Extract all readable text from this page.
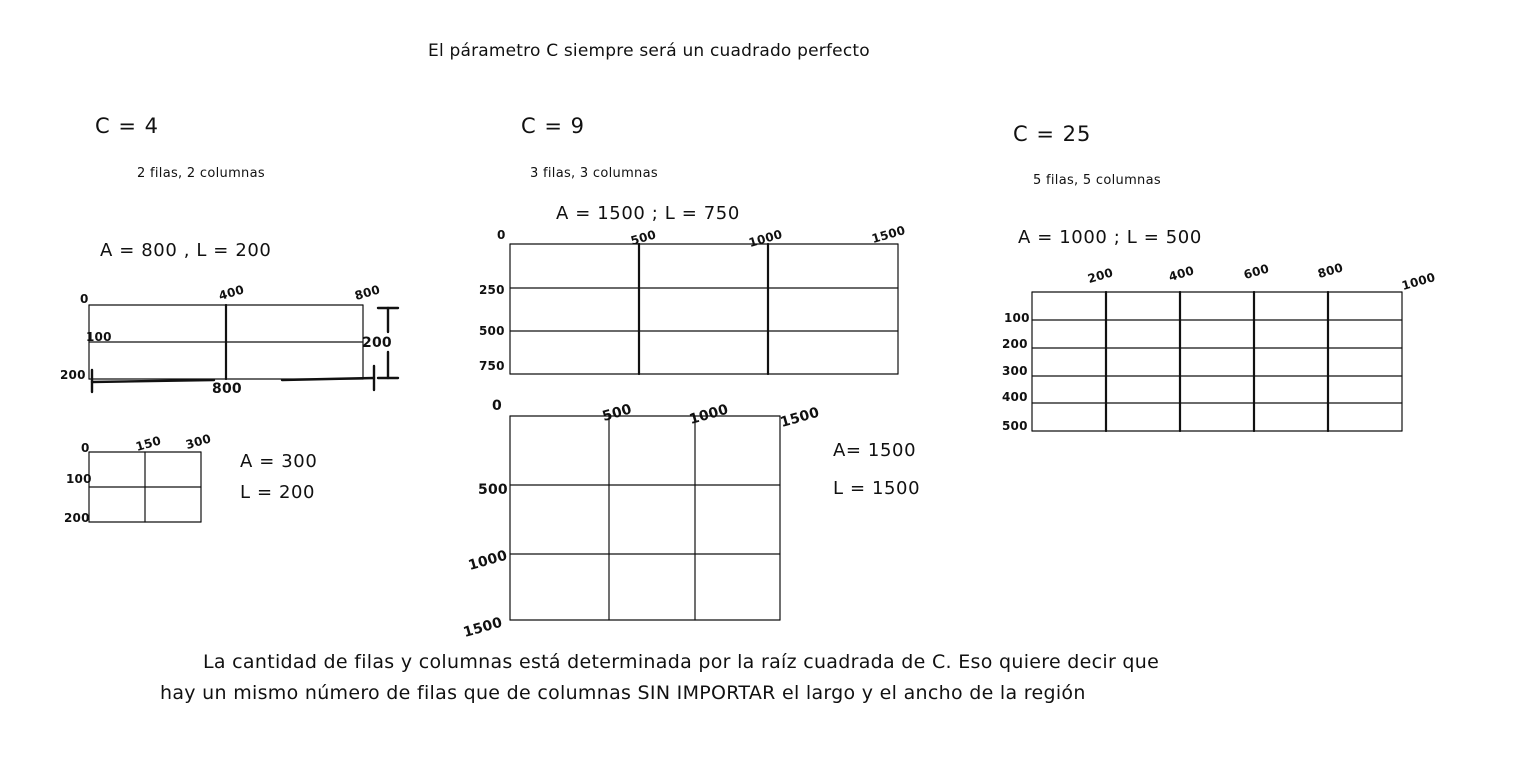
El párametro C siempre será un cuadrado perfecto
C = 4
2 filas, 2 columnas
A = 800 , L = 200
0	400	800
100
200
800
200
0	150 300
100
200
A = 300
L = 200
C = 9
3 filas, 3 columnas
A = 1500 ; L = 750
0	500	1000	1500
250
500
750
0	500	1000	1500
500
1000
1500
A= 1500
L = 1500
C = 25
5 filas, 5 columnas
A = 1000 ; L = 500
200	400	600	800	1000
100
200
300
400
500
La cantidad de filas y columnas está determinada por la raíz cuadrada de C. Eso quiere decir que
hay un mismo número de filas que de columnas SIN IMPORTAR el largo y el ancho de la región
